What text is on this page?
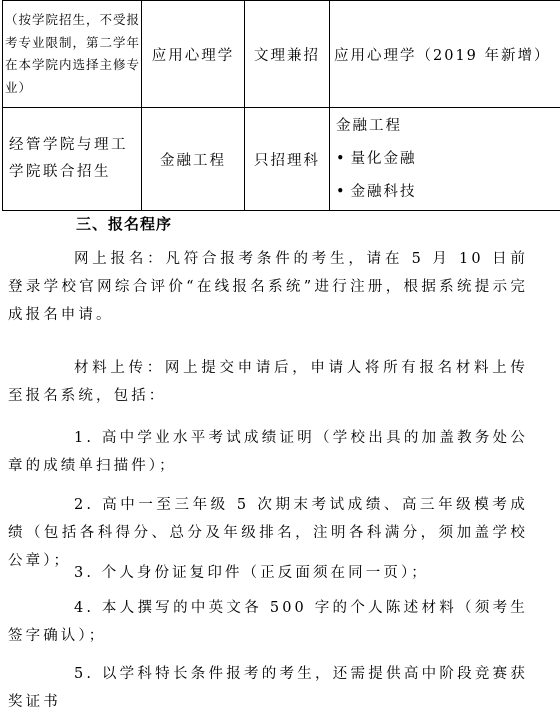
（按学院招生，不受报考专业限制，第二学年在本学院内选择主修专业）	应用心理学	文理兼招	应用心理学（2019 年新增）
经管学院与理工学院联合招生	金融工程	只招理科	金融工程
• 量化金融
• 金融科技
三、报名程序
网上报名：凡符合报考条件的考生，请在 5 月 10 日前登录学校官网综合评价“在线报名系统”进行注册，根据系统提示完成报名申请。
材料上传：网上提交申请后，申请人将所有报名材料上传至报名系统，包括：
1. 高中学业水平考试成绩证明（学校出具的加盖教务处公章的成绩单扫描件）；
2. 高中一至三年级 5 次期末考试成绩、高三年级模考成绩（包括各科得分、总分及年级排名，注明各科满分，须加盖学校公章）；
3. 个人身份证复印件（正反面须在同一页）；
4. 本人撰写的中英文各 500 字的个人陈述材料（须考生签字确认）；
5. 以学科特长条件报考的考生，还需提供高中阶段竞赛获奖证书
